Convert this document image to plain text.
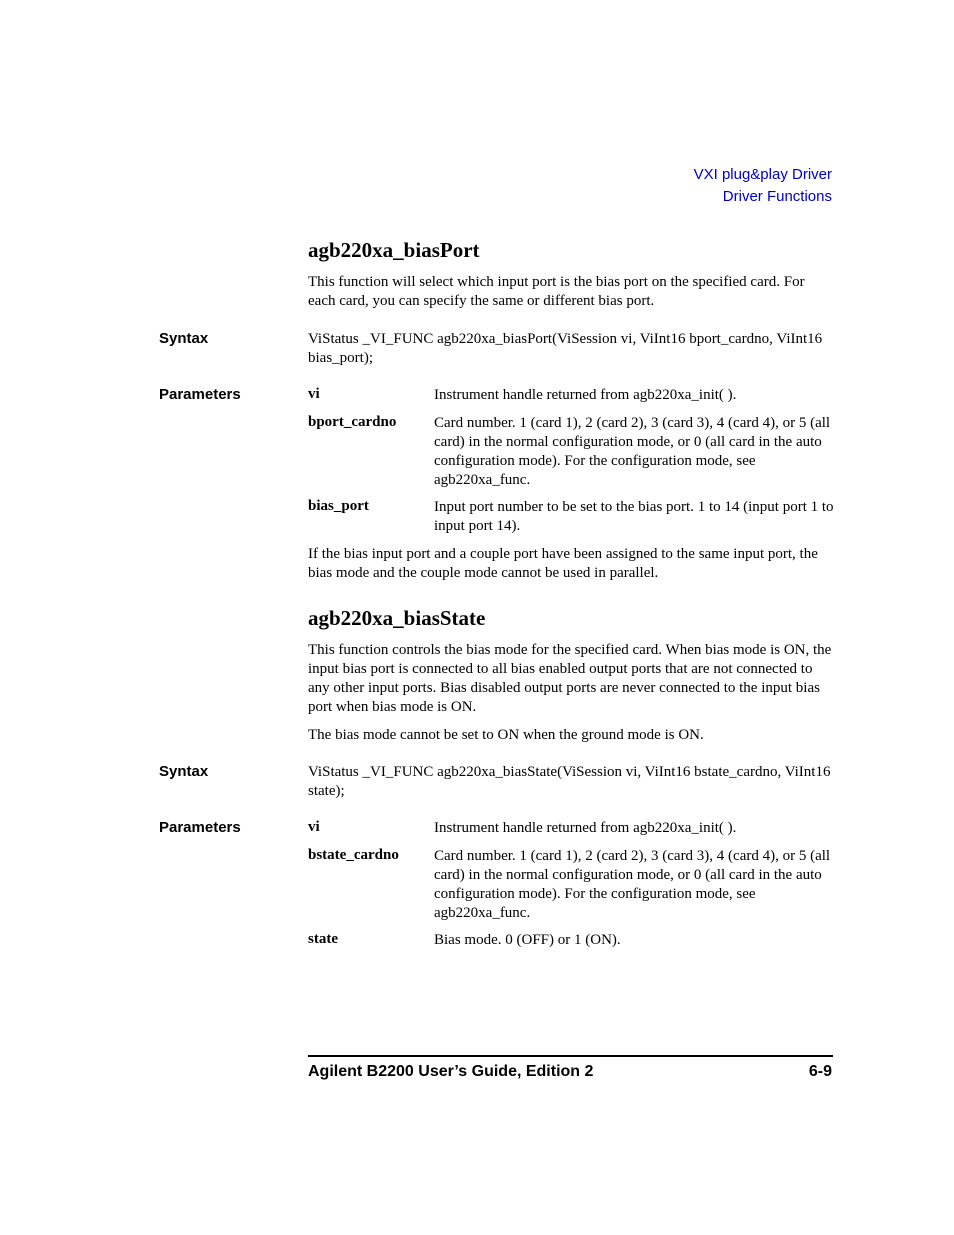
VXI plug&play Driver
Driver Functions
agb220xa_biasPort
This function will select which input port is the bias port on the specified card. For each card, you can specify the same or different bias port.
Syntax	ViStatus _VI_FUNC agb220xa_biasPort(ViSession vi, ViInt16 bport_cardno, ViInt16 bias_port);
Parameters	vi	Instrument handle returned from agb220xa_init( ).
bport_cardno	Card number. 1 (card 1), 2 (card 2), 3 (card 3), 4 (card 4), or 5 (all card) in the normal configuration mode, or 0 (all card in the auto configuration mode). For the configuration mode, see agb220xa_func.
bias_port	Input port number to be set to the bias port. 1 to 14 (input port 1 to input port 14).
If the bias input port and a couple port have been assigned to the same input port, the bias mode and the couple mode cannot be used in parallel.
agb220xa_biasState
This function controls the bias mode for the specified card. When bias mode is ON, the input bias port is connected to all bias enabled output ports that are not connected to any other input ports. Bias disabled output ports are never connected to the input bias port when bias mode is ON.
The bias mode cannot be set to ON when the ground mode is ON.
Syntax	ViStatus _VI_FUNC agb220xa_biasState(ViSession vi, ViInt16 bstate_cardno, ViInt16 state);
Parameters	vi	Instrument handle returned from agb220xa_init( ).
bstate_cardno Card number. 1 (card 1), 2 (card 2), 3 (card 3), 4 (card 4), or 5 (all card) in the normal configuration mode, or 0 (all card in the auto configuration mode). For the configuration mode, see agb220xa_func.
state	Bias mode. 0 (OFF) or 1 (ON).
Agilent B2200 User’s Guide, Edition 2	6-9
